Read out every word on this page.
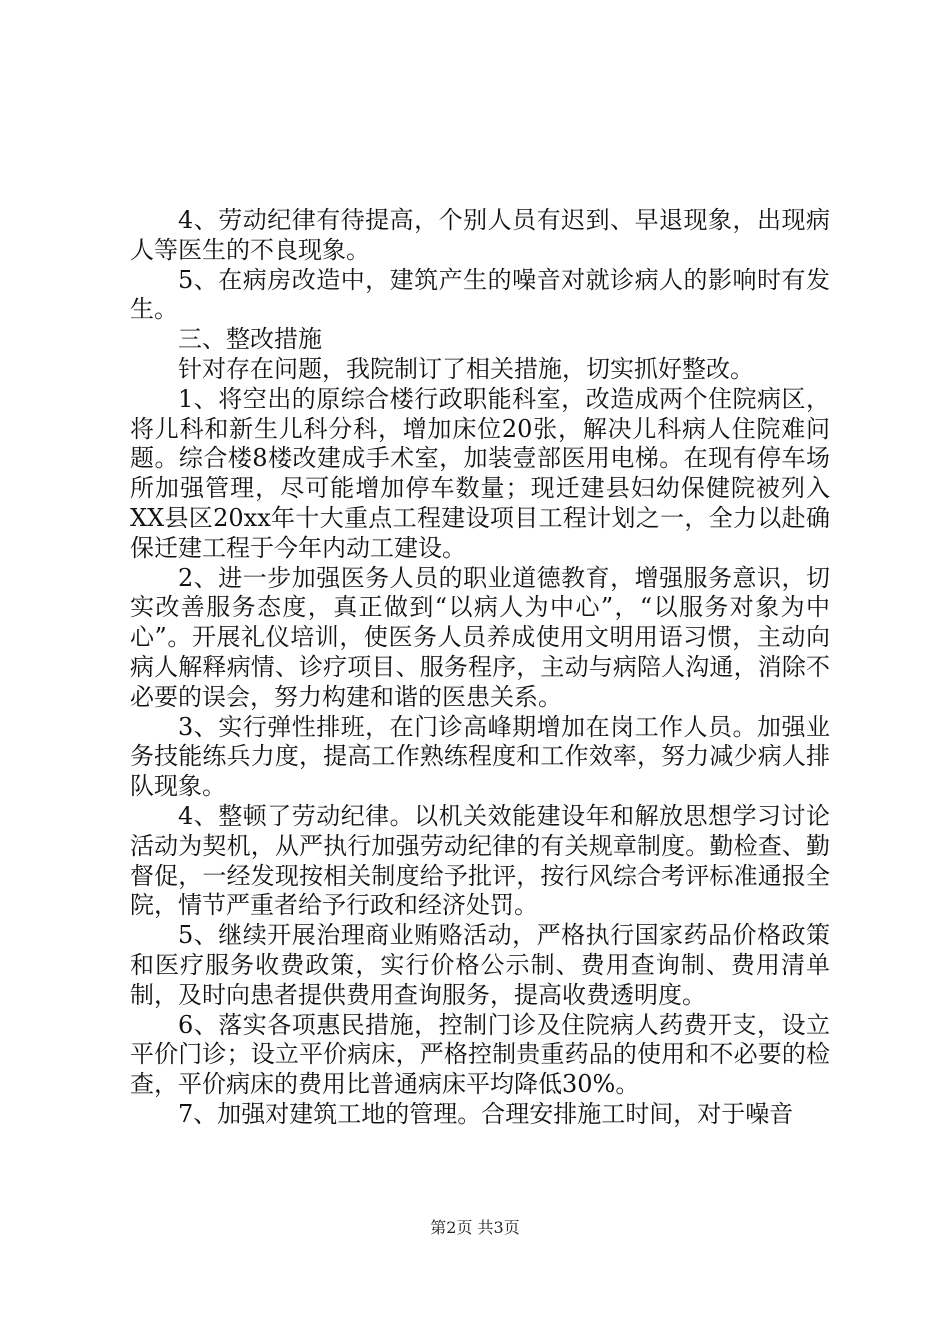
4、劳动纪律有待提高，个别人员有迟到、早退现象，出现病人等医生的不良现象。

5、在病房改造中，建筑产生的噪音对就诊病人的影响时有发生。

三、整改措施

针对存在问题，我院制订了相关措施，切实抓好整改。

1、将空出的原综合楼行政职能科室，改造成两个住院病区，将儿科和新生儿科分科，增加床位20张，解决儿科病人住院难问题。综合楼8楼改建成手术室，加装壹部医用电梯。在现有停车场所加强管理，尽可能增加停车数量；现迁建县妇幼保健院被列入XX县区20xx年十大重点工程建设项目工程计划之一，全力以赴确保迁建工程于今年内动工建设。

2、进一步加强医务人员的职业道德教育，增强服务意识，切实改善服务态度，真正做到“以病人为中心”，“以服务对象为中心”。开展礼仪培训，使医务人员养成使用文明用语习惯，主动向病人解释病情、诊疗项目、服务程序，主动与病陪人沟通，消除不必要的误会，努力构建和谐的医患关系。

3、实行弹性排班，在门诊高峰期增加在岗工作人员。加强业务技能练兵力度，提高工作熟练程度和工作效率，努力减少病人排队现象。

4、整顿了劳动纪律。以机关效能建设年和解放思想学习讨论活动为契机，从严执行加强劳动纪律的有关规章制度。勤检查、勤督促，一经发现按相关制度给予批评，按行风综合考评标准通报全院，情节严重者给予行政和经济处罚。

5、继续开展治理商业贿赂活动，严格执行国家药品价格政策和医疗服务收费政策，实行价格公示制、费用查询制、费用清单制，及时向患者提供费用查询服务，提高收费透明度。

6、落实各项惠民措施，控制门诊及住院病人药费开支，设立平价门诊；设立平价病床，严格控制贵重药品的使用和不必要的检查，平价病床的费用比普通病床平均降低30%。

7、加强对建筑工地的管理。合理安排施工时间，对于噪音

第2页 共3页
